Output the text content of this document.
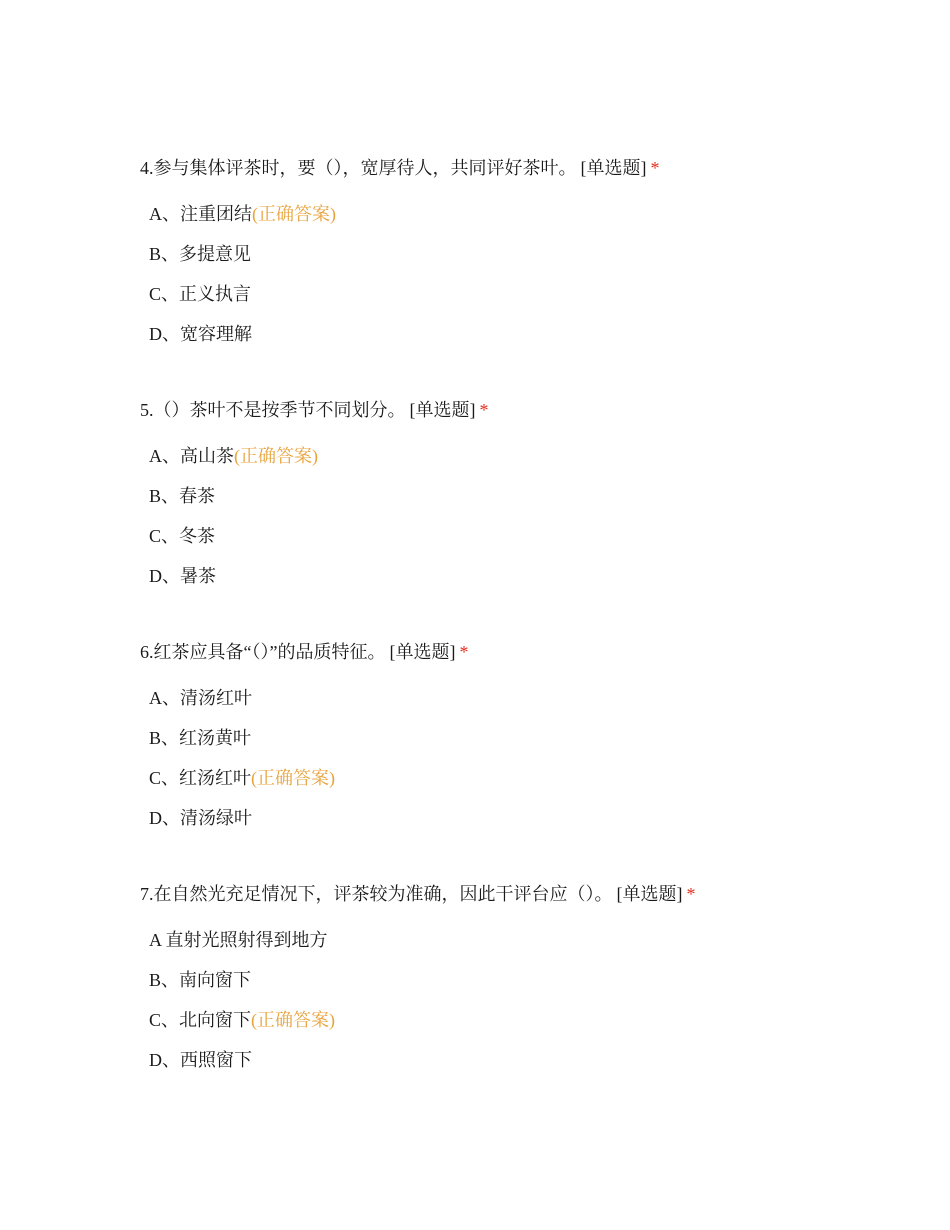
4.参与集体评茶时，要（），宽厚待人，共同评好茶叶。 [单选题] *
A、注重团结(正确答案)
B、多提意见
C、正义执言
D、宽容理解
5.（）茶叶不是按季节不同划分。 [单选题] *
A、高山茶(正确答案)
B、春茶
C、冬茶
D、暑茶
6.红茶应具备“（）”的品质特征。 [单选题] *
A、清汤红叶
B、红汤黄叶
C、红汤红叶(正确答案)
D、清汤绿叶
7.在自然光充足情况下，评茶较为准确，因此干评台应（）。 [单选题] *
A 直射光照射得到地方
B、南向窗下
C、北向窗下(正确答案)
D、西照窗下
